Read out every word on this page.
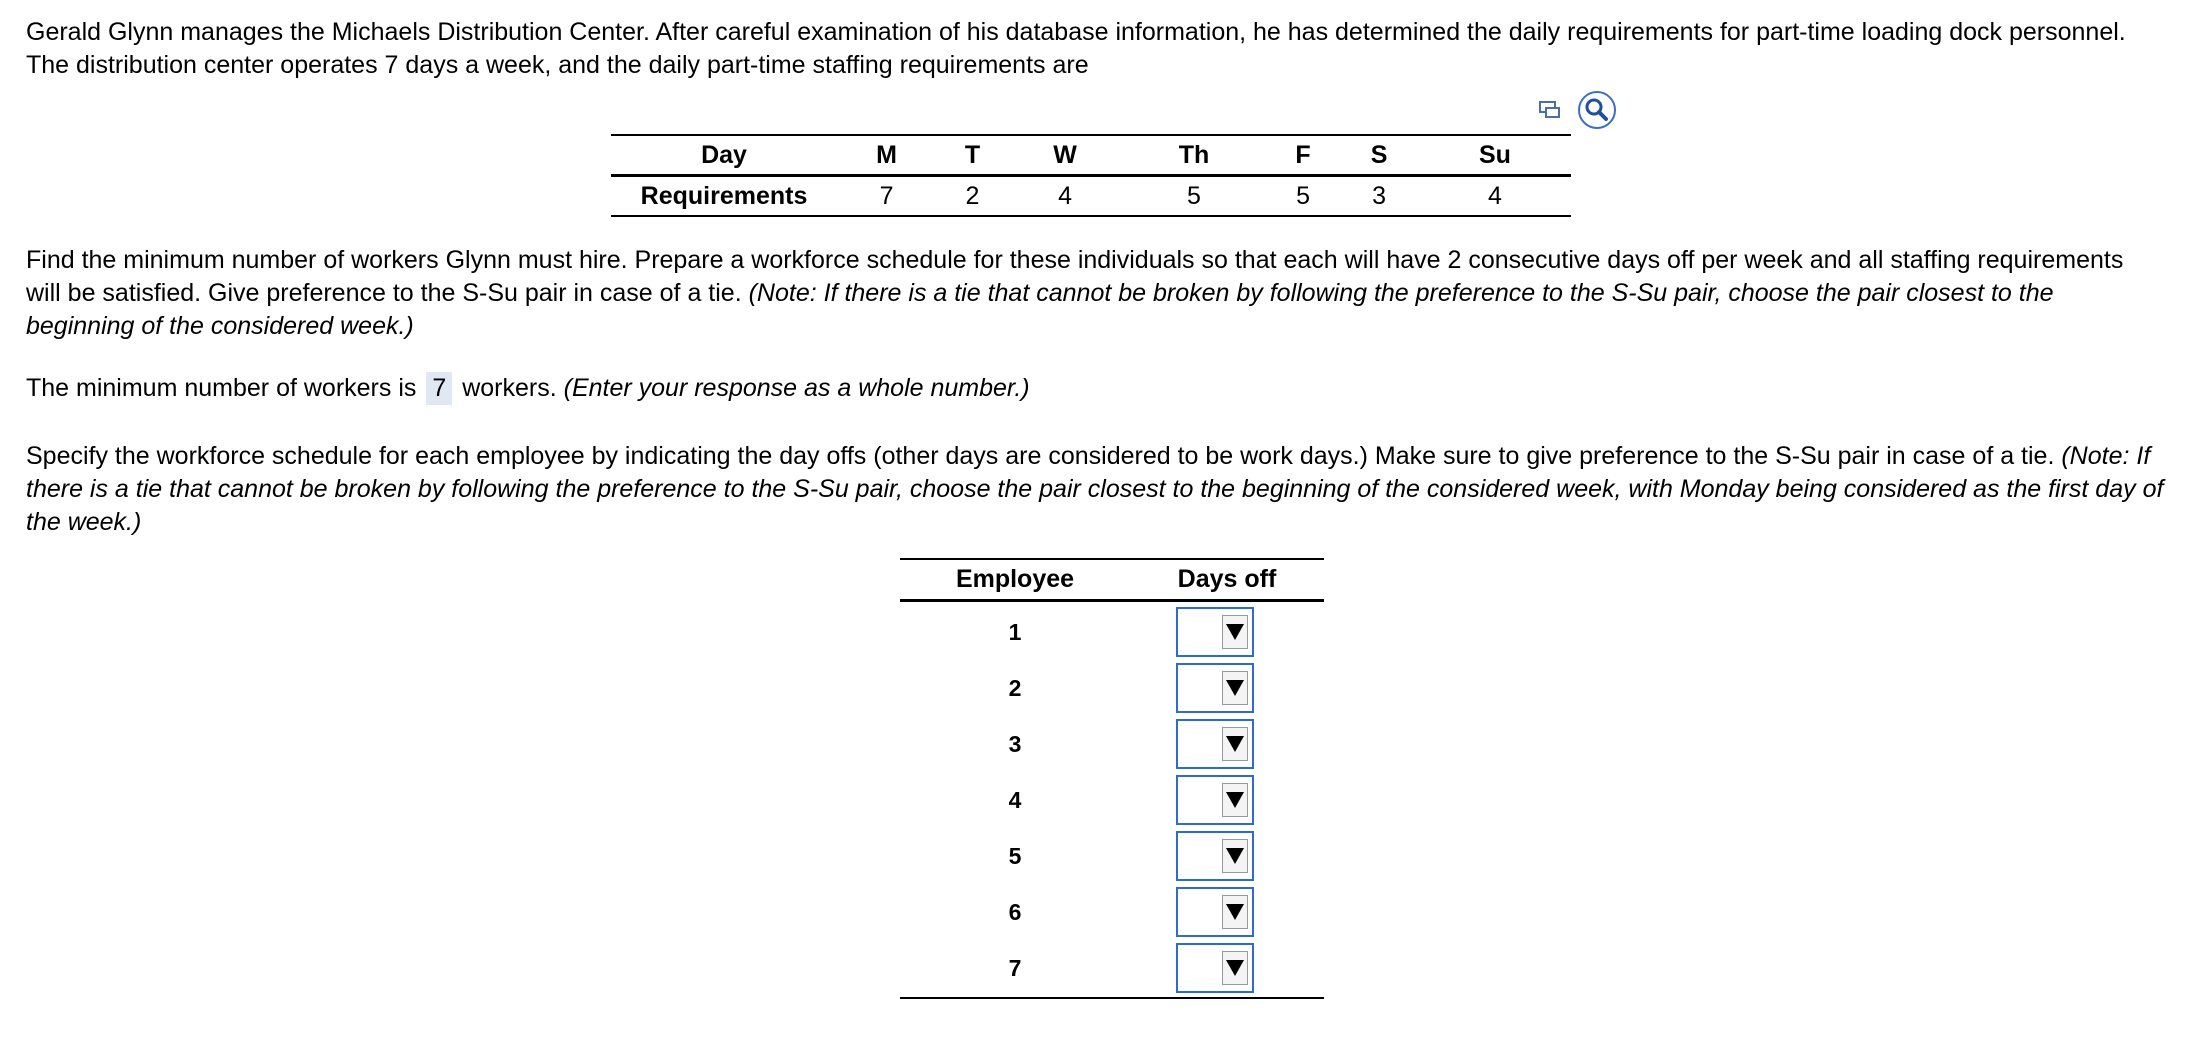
Gerald Glynn manages the Michaels Distribution Center. After careful examination of his database information, he has determined the daily requirements for part-time loading dock personnel. The distribution center operates 7 days a week, and the daily part-time staffing requirements are

Day	M	T	W	Th	F	S	Su
Requirements	7	2	4	5	5	3	4

Find the minimum number of workers Glynn must hire. Prepare a workforce schedule for these individuals so that each will have 2 consecutive days off per week and all staffing requirements will be satisfied. Give preference to the S-Su pair in case of a tie. (Note: If there is a tie that cannot be broken by following the preference to the S-Su pair, choose the pair closest to the beginning of the considered week.)

The minimum number of workers is 7 workers. (Enter your response as a whole number.)

Specify the workforce schedule for each employee by indicating the day offs (other days are considered to be work days.) Make sure to give preference to the S-Su pair in case of a tie. (Note: If there is a tie that cannot be broken by following the preference to the S-Su pair, choose the pair closest to the beginning of the considered week, with Monday being considered as the first day of the week.)

Employee	Days off
1
2
3
4
5
6
7
